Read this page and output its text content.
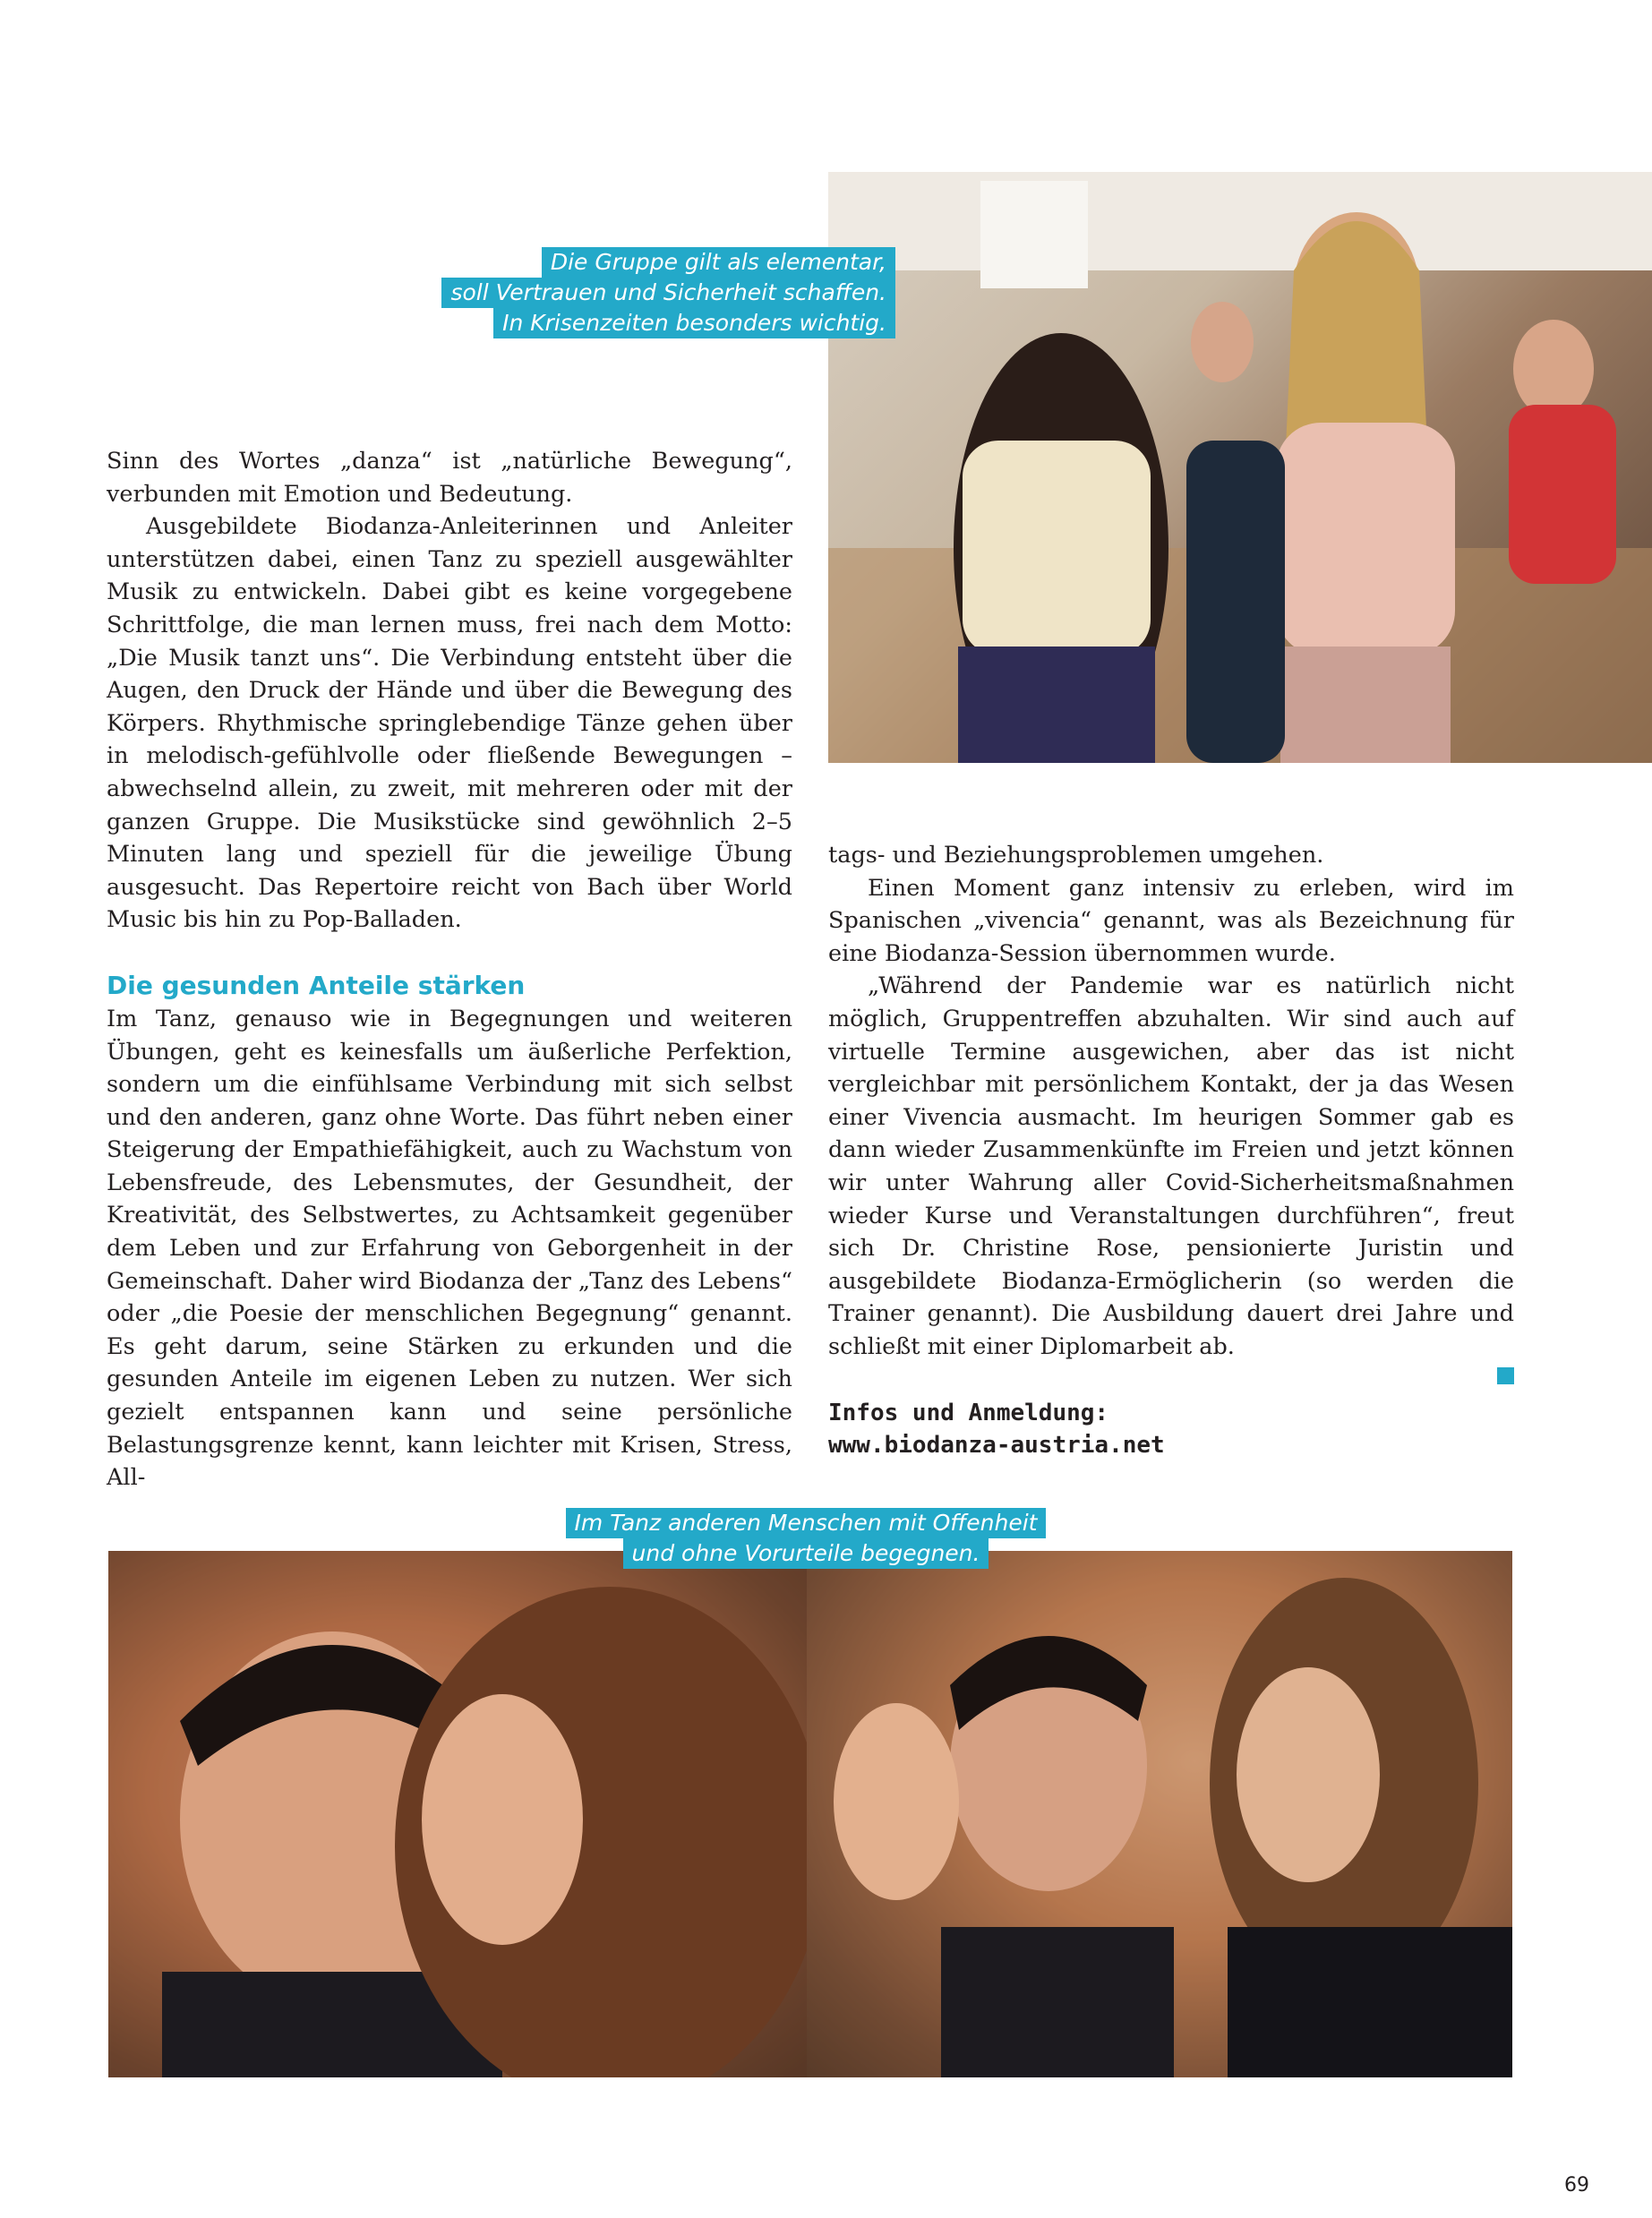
Die Gruppe gilt als elementar,
soll Vertrauen und Sicherheit schaffen.
In Krisenzeiten besonders wichtig.
Im Tanz anderen Menschen mit Offenheit
und ohne Vorurteile begegnen.

Sinn des Wortes „danza“ ist „natürliche Bewegung“, verbunden mit Emotion und Bedeutung.

Ausgebildete Biodanza-Anleiterinnen und Anleiter unterstützen dabei, einen Tanz zu speziell ausgewählter Musik zu entwickeln. Dabei gibt es keine vorgegebene Schrittfolge, die man lernen muss, frei nach dem Motto: „Die Musik tanzt uns“. Die Verbindung entsteht über die Augen, den Druck der Hände und über die Bewegung des Körpers. Rhythmische springlebendige Tänze gehen über in melodisch-gefühlvolle oder fließende Bewegungen – abwechselnd allein, zu zweit, mit mehreren oder mit der ganzen Gruppe. Die Musikstücke sind gewöhnlich 2–5 Minuten lang und speziell für die jeweilige Übung ausgesucht. Das Repertoire reicht von Bach über World Music bis hin zu Pop-Balladen.

Die gesunden Anteile stärken

Im Tanz, genauso wie in Begegnungen und weiteren Übungen, geht es keinesfalls um äußerliche Perfektion, sondern um die einfühlsame Verbindung mit sich selbst und den anderen, ganz ohne Worte. Das führt neben einer Steigerung der Empathiefähigkeit, auch zu Wachstum von Lebensfreude, des Lebensmutes, der Gesundheit, der Kreativität, des Selbstwertes, zu Achtsamkeit gegenüber dem Leben und zur Erfahrung von Geborgenheit in der Gemeinschaft. Daher wird Biodanza der „Tanz des Lebens“ oder „die Poesie der menschlichen Begegnung“ genannt. Es geht darum, seine Stärken zu erkunden und die gesunden Anteile im eigenen Leben zu nutzen. Wer sich gezielt entspannen kann und seine persönliche Belastungsgrenze kennt, kann leichter mit Krisen, Stress, All-

tags- und Beziehungsproblemen umgehen.

Einen Moment ganz intensiv zu erleben, wird im Spanischen „vivencia“ genannt, was als Bezeichnung für eine Biodanza-Session übernommen wurde.

„Während der Pandemie war es natürlich nicht möglich, Gruppentreffen abzuhalten. Wir sind auch auf virtuelle Termine ausgewichen, aber das ist nicht vergleichbar mit persönlichem Kontakt, der ja das Wesen einer Vivencia ausmacht. Im heurigen Sommer gab es dann wieder Zusammenkünfte im Freien und jetzt können wir unter Wahrung aller Covid-Sicherheitsmaßnahmen wieder Kurse und Veranstaltungen durchführen“, freut sich Dr. Christine Rose, pensionierte Juristin und ausgebildete Biodanza-Ermöglicherin (so werden die Trainer genannt). Die Ausbildung dauert drei Jahre und schließt mit einer Diplomarbeit ab.

Infos und Anmeldung:

www.biodanza-austria.net

69
